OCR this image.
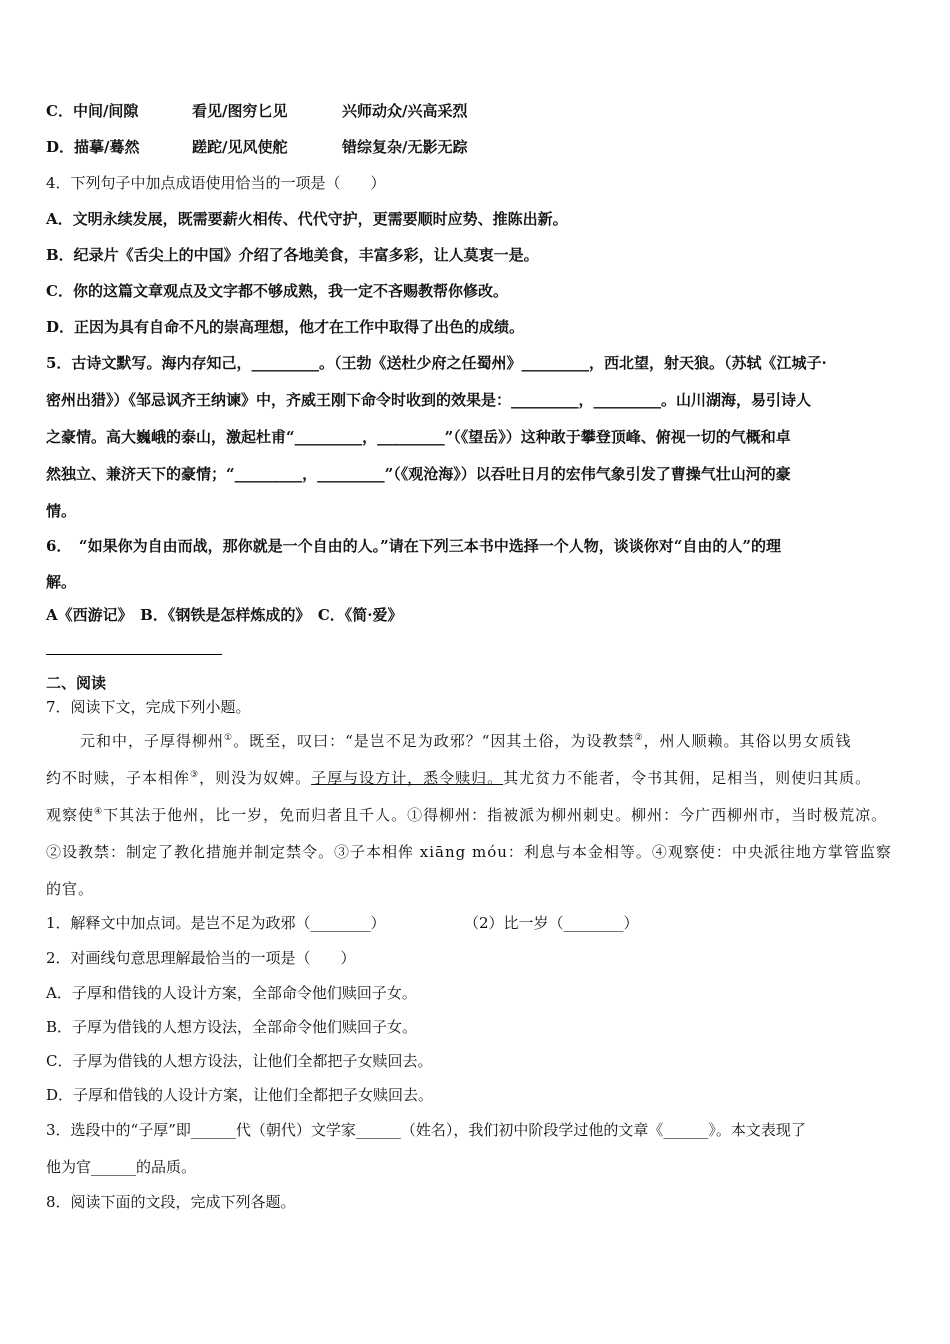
C．中间/间隙	看见/图穷匕见	兴师动众/兴高采烈
D．描摹/蓦然	蹉跎/见风使舵	错综复杂/无影无踪
4．下列句子中加点成语使用恰当的一项是（　　）
A．文明永续发展，既需要薪火相传、代代守护，更需要顺时应势、推陈出新。
B．纪录片《舌尖上的中国》介绍了各地美食，丰富多彩，让人莫衷一是。
C．你的这篇文章观点及文字都不够成熟，我一定不吝赐教帮你修改。
D．正因为具有自命不凡的崇高理想，他才在工作中取得了出色的成绩。
5．古诗文默写。海内存知己，_________。（王勃《送杜少府之任蜀州》_________，西北望，射天狼。（苏轼《江城子·
密州出猎》）《邹忌讽齐王纳谏》中，齐威王刚下命令时收到的效果是：_________，_________。山川湖海，易引诗人
之豪情。高大巍峨的泰山，激起杜甫“_________，_________”（《望岳》）这种敢于攀登顶峰、俯视一切的气概和卓
然独立、兼济天下的豪情；“_________，_________”（《观沧海》）以吞吐日月的宏伟气象引发了曹操气壮山河的豪
情。
6．　“如果你为自由而战，那你就是一个自由的人。”请在下列三本书中选择一个人物，谈谈你对“自由的人”的理
解。
A《西游记》　B．《钢铁是怎样炼成的》　C．《简·爱》
二、阅读
7．阅读下文，完成下列小题。
元和中，子厚得柳州①。既至，叹曰：“是岂不足为政邪？“因其土俗，为设教禁②，州人顺赖。其俗以男女质钱
约不时赎，子本相侔③，则没为奴婢。子厚与设方计，悉令赎归。其尤贫力不能者，令书其佣，足相当，则使归其质。
观察使④下其法于他州，比一岁，免而归者且千人。①得柳州：指被派为柳州刺史。柳州：今广西柳州市，当时极荒凉。
②设教禁：制定了教化措施并制定禁令。③子本相侔 xiāng móu：利息与本金相等。④观察使：中央派往地方掌管监察
的官。
1．解释文中加点词。是岂不足为政邪（________）	（2）比一岁（________）
2．对画线句意思理解最恰当的一项是（　　）
A．子厚和借钱的人设计方案，全部命令他们赎回子女。
B．子厚为借钱的人想方设法，全部命令他们赎回子女。
C．子厚为借钱的人想方设法，让他们全都把子女赎回去。
D．子厚和借钱的人设计方案，让他们全都把子女赎回去。
3．选段中的“子厚”即______代（朝代）文学家______（姓名），我们初中阶段学过他的文章《______》。本文表现了
他为官______的品质。
8．阅读下面的文段，完成下列各题。
